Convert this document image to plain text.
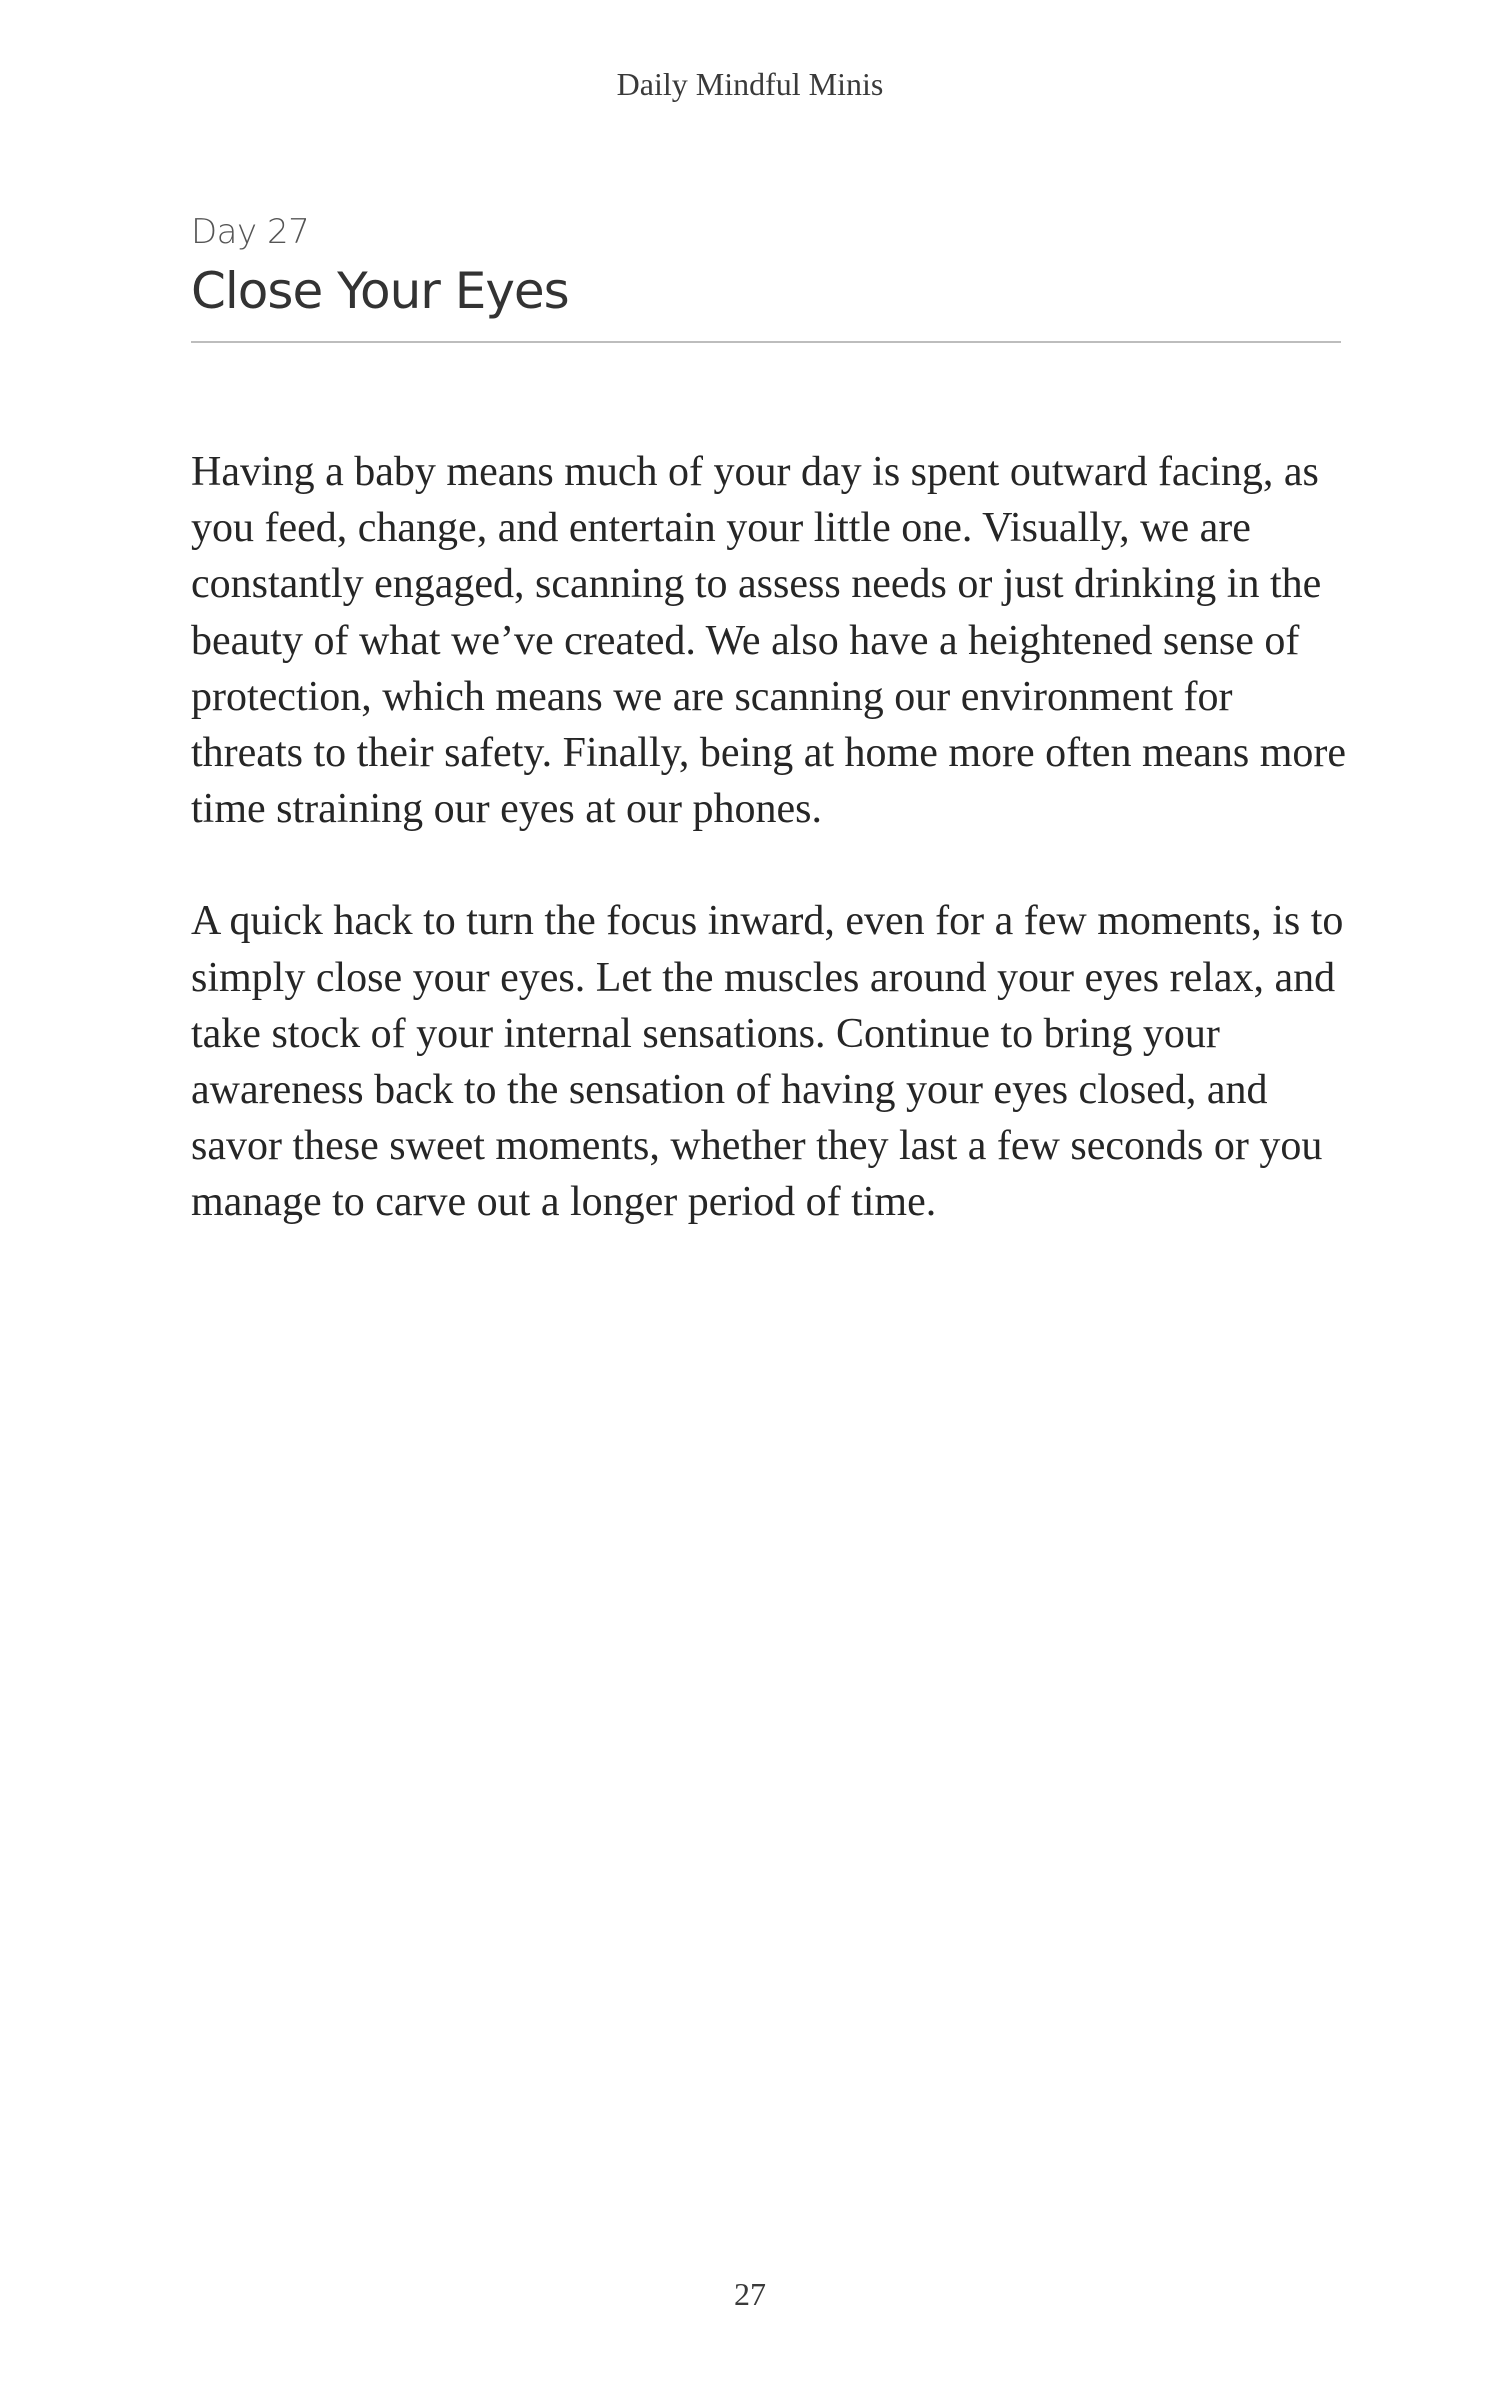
Daily Mindful Minis
Day 27
Close Your Eyes

Having a baby means much of your day is spent outward facing, as you feed, change, and entertain your little one. Visually, we are constantly engaged, scanning to assess needs or just drinking in the beauty of what we’ve created. We also have a heightened sense of protection, which means we are scanning our environment for threats to their safety. Finally, being at home more often means more time straining our eyes at our phones.

A quick hack to turn the focus inward, even for a few moments, is to simply close your eyes. Let the muscles around your eyes relax, and take stock of your internal sensations. Continue to bring your awareness back to the sensation of having your eyes closed, and savor these sweet moments, whether they last a few seconds or you manage to carve out a longer period of time.

27
